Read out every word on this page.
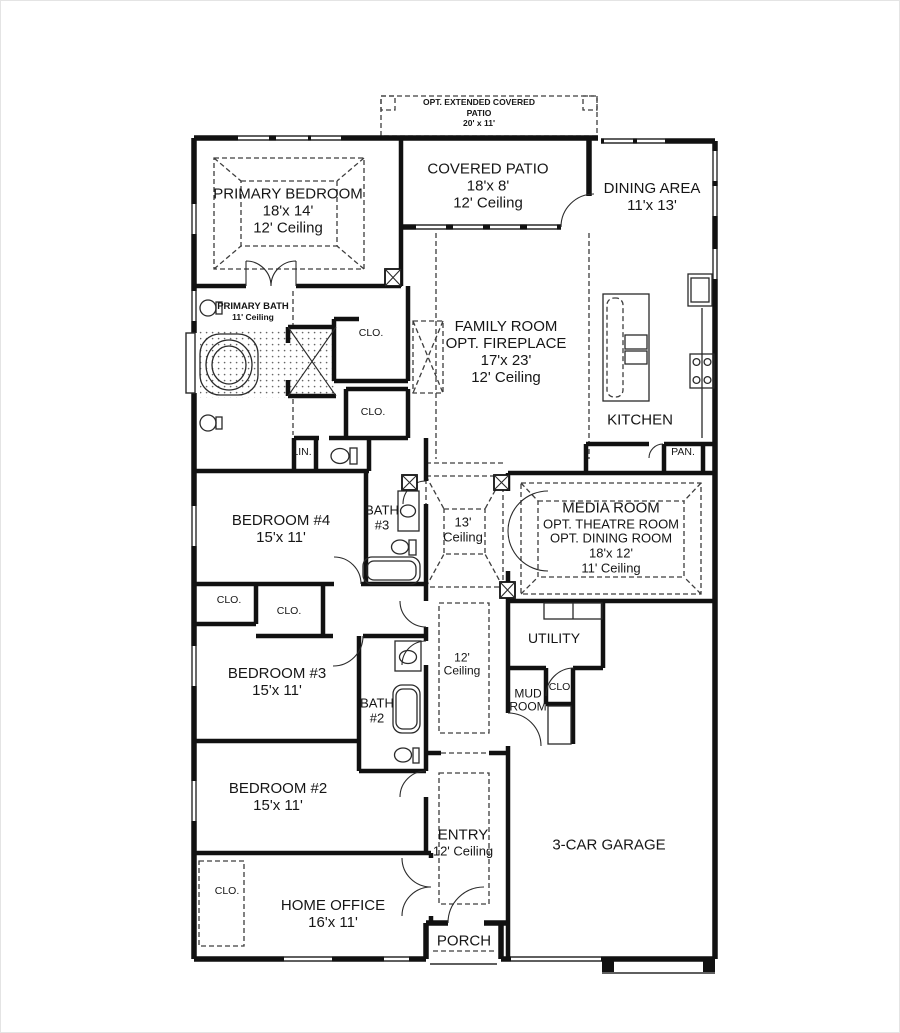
OPT. EXTENDED COVERED
PATIO
20' x 11'
COVERED PATIO
18'x 8'
12' Ceiling
DINING AREA
11'x 13'
PRIMARY BEDROOM
18'x 14'
12' Ceiling
PRIMARY BATH
11' Ceiling
CLO.
CLO.
FAMILY ROOM
OPT. FIREPLACE
17'x 23'
12' Ceiling
KITCHEN
PAN.
LIN.
BEDROOM #4
15'x 11'
BATH
#3	13'
Ceiling
MEDIA ROOM
OPT. THEATRE ROOM
OPT. DINING ROOM
18'x 12'
11' Ceiling
CLO.
CLO.
BEDROOM #3
15'x 11'
BATH
#2
12'
Ceiling
UTILITY
MUD
ROOM
CLO.
BEDROOM #2
15'x 11'
ENTRY
12' Ceiling	3-CAR GARAGE
HOME OFFICE
16'x 11'
CLO.
PORCH
